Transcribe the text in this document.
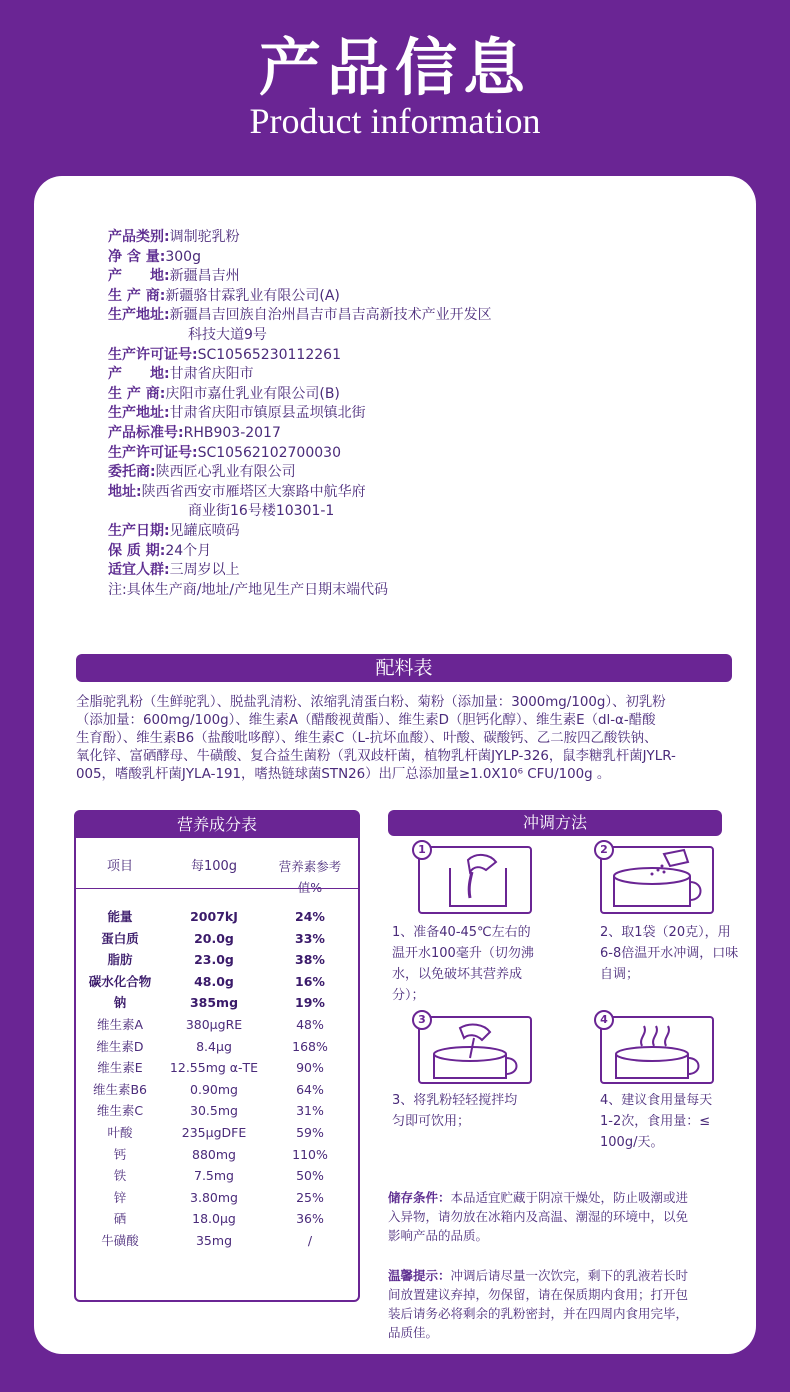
产品信息
Product information
产品类别:调制驼乳粉
净 含 量:300g
产　　地:新疆昌吉州
生 产 商:新疆骆甘霖乳业有限公司(A)
生产地址:新疆昌吉回族自治州昌吉市昌吉高新技术产业开发区
科技大道9号
生产许可证号:SC10565230112261
产　　地:甘肃省庆阳市
生 产 商:庆阳市嘉仕乳业有限公司(B)
生产地址:甘肃省庆阳市镇原县孟坝镇北街
产品标准号:RHB903-2017
生产许可证号:SC10562102700030
委托商:陕西匠心乳业有限公司
地址:陕西省西安市雁塔区大寨路中航华府
商业街16号楼10301-1
生产日期:见罐底喷码
保 质 期:24个月
适宜人群:三周岁以上
注:具体生产商/地址/产地见生产日期末端代码
配料表
全脂驼乳粉（生鲜驼乳）、脱盐乳清粉、浓缩乳清蛋白粉、菊粉（添加量：3000mg/100g）、初乳粉
（添加量：600mg/100g）、维生素A（醋酸视黄酯）、维生素D（胆钙化醇）、维生素E（dl-α-醋酸
生育酚）、维生素B6（盐酸吡哆醇）、维生素C（L-抗坏血酸）、叶酸、碳酸钙、乙二胺四乙酸铁钠、
氧化锌、富硒酵母、牛磺酸、复合益生菌粉（乳双歧杆菌，植物乳杆菌JYLP-326，鼠李糖乳杆菌JYLR-
005，嗜酸乳杆菌JYLA-191，嗜热链球菌STN26）出厂总添加量≥1.0X10⁶ CFU/100g 。
营养成分表
项目	每100g	营养素参考值%
能量	2007kJ	24%
蛋白质	20.0g	33%
脂肪	23.0g	38%
碳水化合物	48.0g	16%
钠	385mg	19%
维生素A	380μgRE	48%
维生素D	8.4μg	168%
维生素E	12.55mg α-TE	90%
维生素B6	0.90mg	64%
维生素C	30.5mg	31%
叶酸	235μgDFE	59%
钙	880mg	110%
铁	7.5mg	50%
锌	3.80mg	25%
硒	18.0μg	36%
牛磺酸	35mg	/
冲调方法
1	2
1、准备40-45℃左右的
温开水100毫升（切勿沸
水，以免破坏其营养成
分）；
2、取1袋（20克），用
6-8倍温开水冲调，口味
自调；
3	4
3、将乳粉轻轻搅拌均
匀即可饮用；
4、建议食用量每天
1-2次，食用量：≤
100g/天。
储存条件：本品适宜贮藏于阴凉干燥处，防止吸潮或进
入异物，请勿放在冰箱内及高温、潮湿的环境中，以免
影响产品的品质。
温馨提示：冲调后请尽量一次饮完，剩下的乳液若长时
间放置建议弃掉，勿保留，请在保质期内食用；打开包
装后请务必将剩余的乳粉密封，并在四周内食用完毕，
品质佳。
